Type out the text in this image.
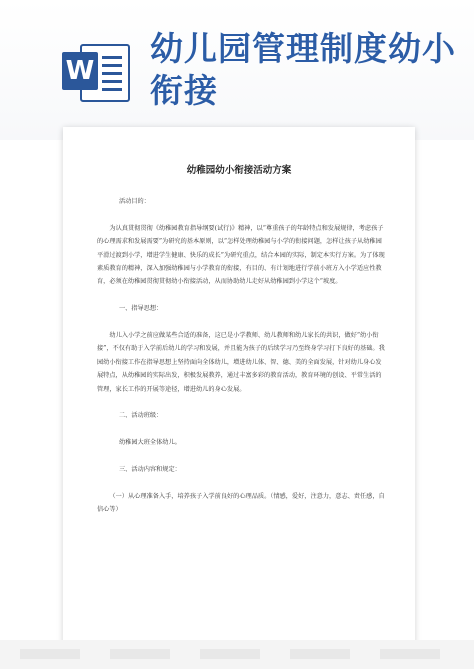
W
幼儿园管理制度幼小衔接
幼稚园幼小衔接活动方案

活动目的：

为认真贯彻贯彻《幼稚园教育指导纲要(试行)》精神，以“尊重孩子的年龄特点和发展规律，考虑孩子的心理需求和发展需要”为研究的基本原则，以“怎样处理幼稚园与小学的衔接问题，怎样让孩子从幼稚园平滑过渡到小学，增进学生健康、快乐的成长”为研究重点，结合本园的实际，制定本实行方案。为了体现素质教育的精神，深入加强幼稚园与小学教育的衔接，有目的、有计划地进行学前小班方入小学适应性教育，必须在幼稚园贯彻贯彻幼小衔接活动，从而协助幼儿走好从幼稚园到小学这个“坡度。

一、指导思想：

幼儿入小学之前应做某些合适的准备，这已是小学教师、幼儿教师和幼儿家长的共识，做好“幼小衔接”，不仅有助于入学前后幼儿的学习和发展，并且能为孩子的后续学习乃至终身学习打下良好的基础。我园幼小衔接工作在指导思想上坚持面向全体幼儿，增进幼儿体、智、德、美的全面发展，针对幼儿身心发展特点，从幼稚园的实际出发，积极发展教养，通过丰富多彩的教育活动，教育环境的创设、平常生活的管理，家长工作的开展等途径，增进幼儿的身心发展。

二、活动班级：

幼稚园大班全体幼儿。

三、活动内容和规定：

（一）从心理准备入手，培养孩子入学前良好的心理品质。（情感，爱好，注意力，意志、责任感，自信心等）
